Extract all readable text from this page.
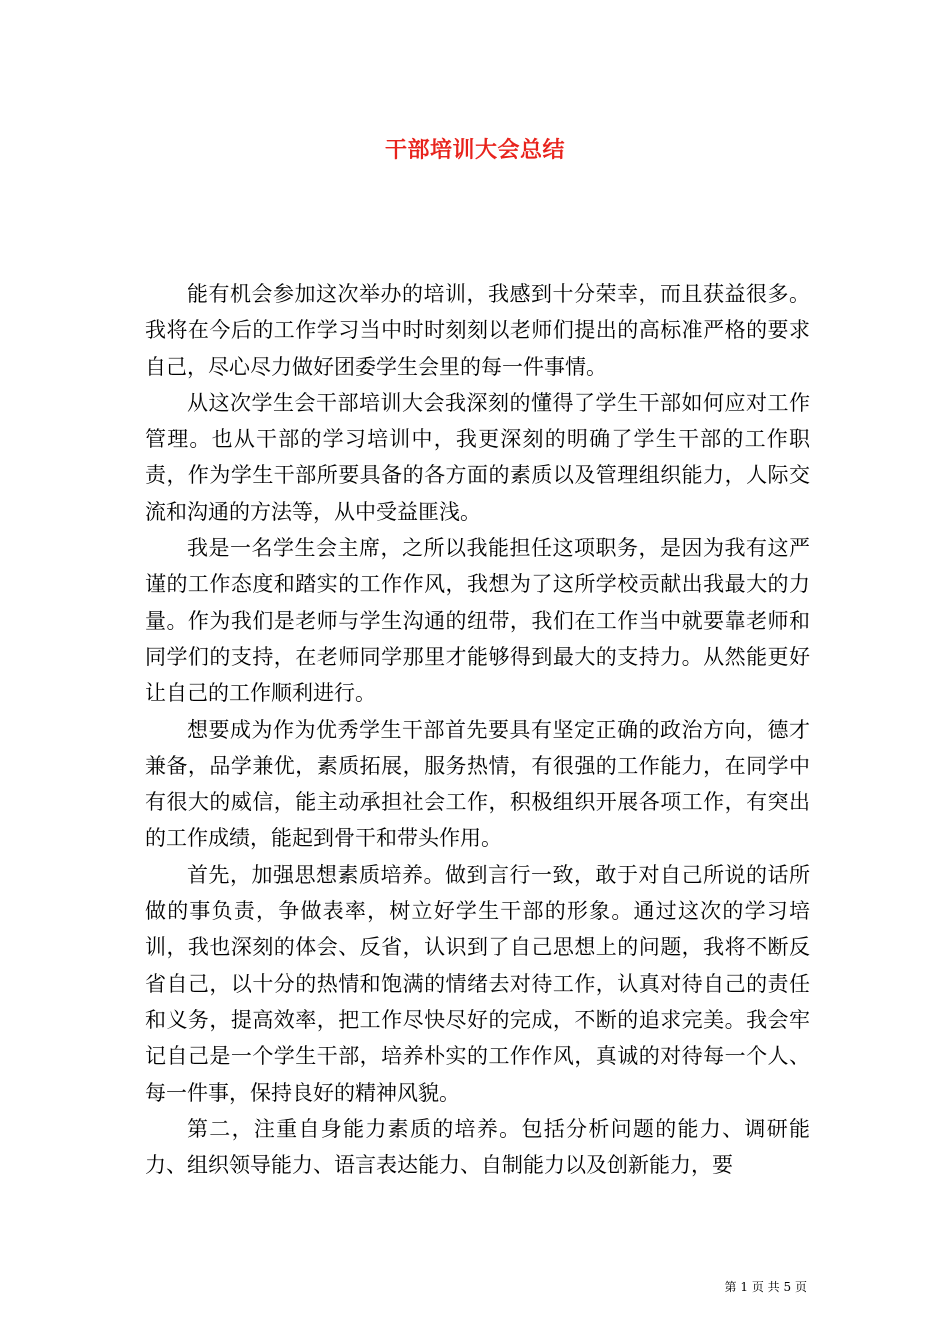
干部培训大会总结

能有机会参加这次举办的培训，我感到十分荣幸，而且获益很多。我将在今后的工作学习当中时时刻刻以老师们提出的高标准严格的要求自己，尽心尽力做好团委学生会里的每一件事情。

从这次学生会干部培训大会我深刻的懂得了学生干部如何应对工作管理。也从干部的学习培训中，我更深刻的明确了学生干部的工作职责，作为学生干部所要具备的各方面的素质以及管理组织能力，人际交流和沟通的方法等，从中受益匪浅。

我是一名学生会主席，之所以我能担任这项职务，是因为我有这严谨的工作态度和踏实的工作作风，我想为了这所学校贡献出我最大的力量。作为我们是老师与学生沟通的纽带，我们在工作当中就要靠老师和同学们的支持，在老师同学那里才能够得到最大的支持力。从然能更好让自己的工作顺利进行。

想要成为作为优秀学生干部首先要具有坚定正确的政治方向，德才兼备，品学兼优，素质拓展，服务热情，有很强的工作能力，在同学中有很大的威信，能主动承担社会工作，积极组织开展各项工作，有突出的工作成绩，能起到骨干和带头作用。

首先，加强思想素质培养。做到言行一致，敢于对自己所说的话所做的事负责，争做表率，树立好学生干部的形象。通过这次的学习培训，我也深刻的体会、反省，认识到了自己思想上的问题，我将不断反省自己，以十分的热情和饱满的情绪去对待工作，认真对待自己的责任和义务，提高效率，把工作尽快尽好的完成，不断的追求完美。我会牢记自己是一个学生干部，培养朴实的工作作风，真诚的对待每一个人、每一件事，保持良好的精神风貌。

第二，注重自身能力素质的培养。包括分析问题的能力、调研能力、组织领导能力、语言表达能力、自制能力以及创新能力，要

第 1 页 共 5 页
